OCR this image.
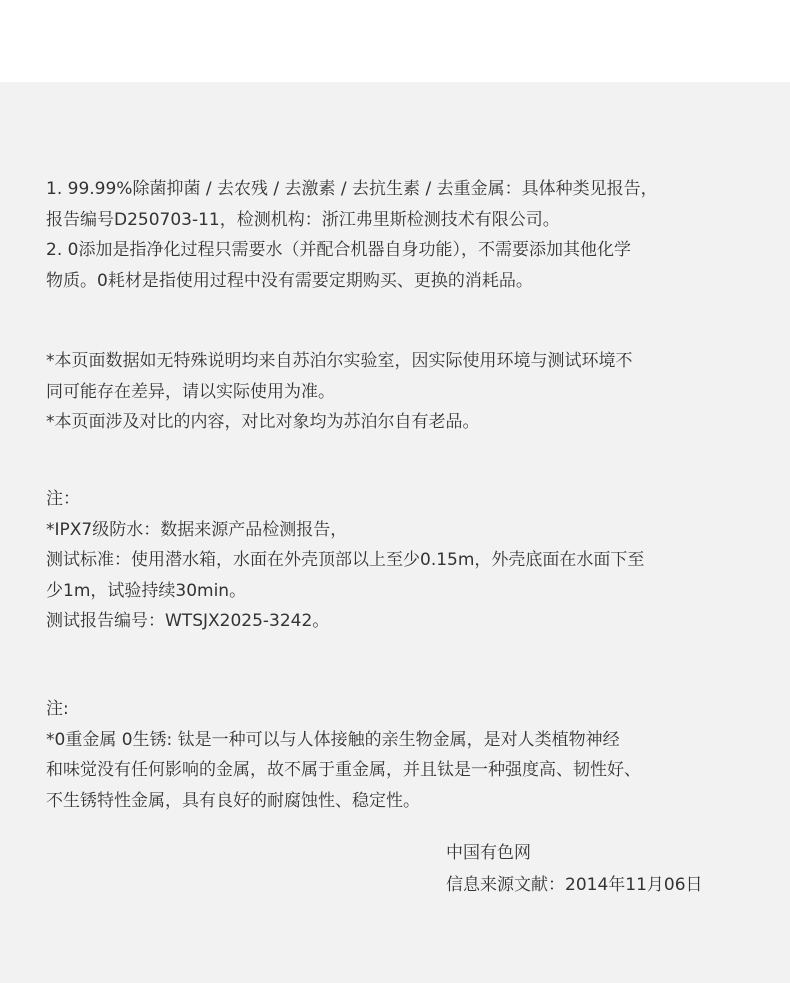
1. 99.99%除菌抑菌 / 去农残 / 去激素 / 去抗生素 / 去重金属：具体种类见报告，
报告编号D250703-11，检测机构：浙江弗里斯检测技术有限公司。
2. 0添加是指净化过程只需要水（并配合机器自身功能），不需要添加其他化学
物质。0耗材是指使用过程中没有需要定期购买、更换的消耗品。
*本页面数据如无特殊说明均来自苏泊尔实验室，因实际使用环境与测试环境不
同可能存在差异，请以实际使用为准。
*本页面涉及对比的内容，对比对象均为苏泊尔自有老品。
注：
*IPX7级防水：数据来源产品检测报告，
测试标准：使用潜水箱，水面在外壳顶部以上至少0.15m，外壳底面在水面下至
少1m，试验持续30min。
测试报告编号：WTSJX2025-3242。
注:
*0重金属 0生锈: 钛是一种可以与人体接触的亲生物金属，是对人类植物神经
和味觉没有任何影响的金属，故不属于重金属，并且钛是一种强度高、韧性好、
不生锈特性金属，具有良好的耐腐蚀性、稳定性。
中国有色网
信息来源文献：2014年11月06日
